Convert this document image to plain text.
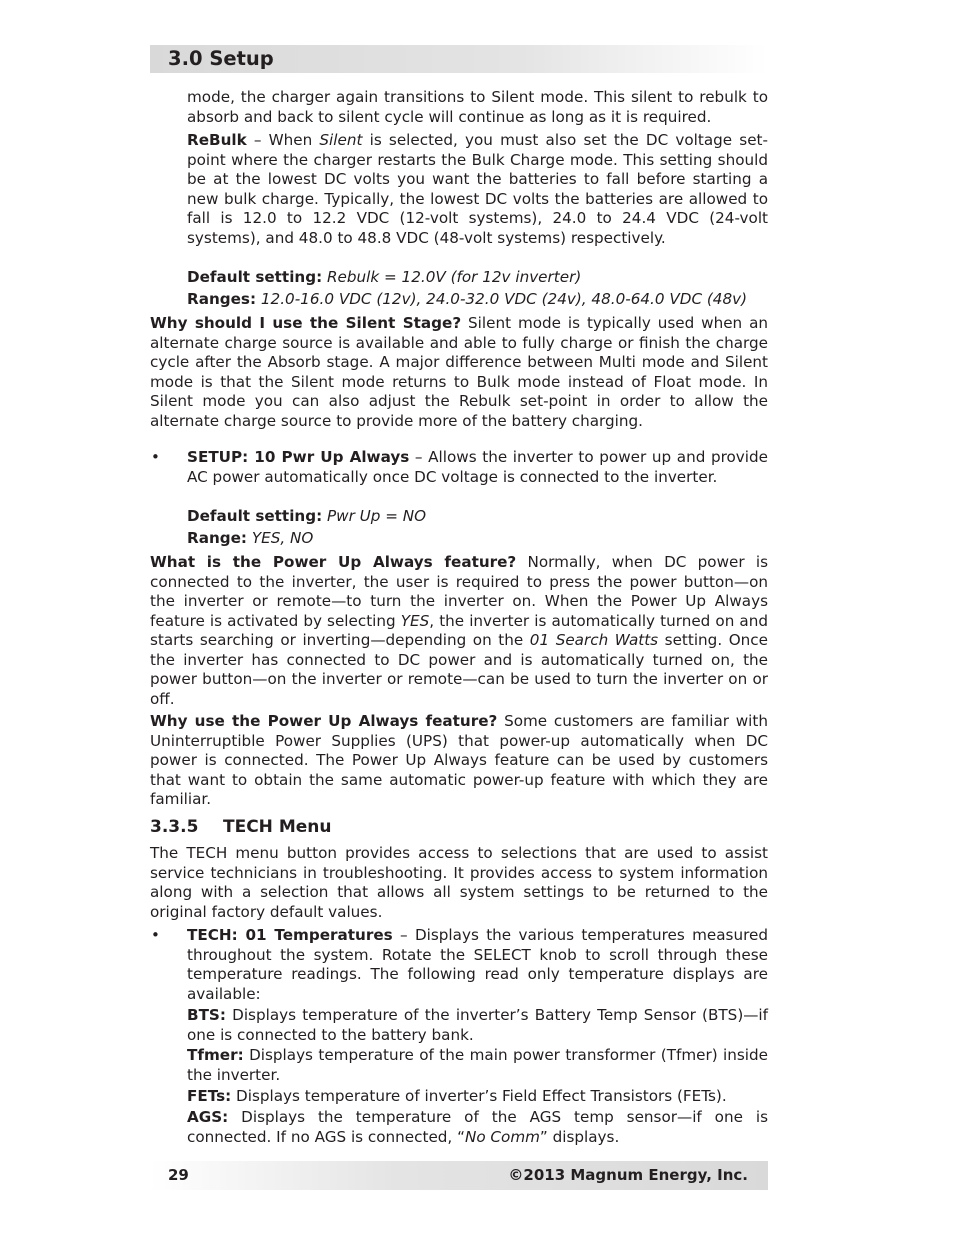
3.0 Setup

mode, the charger again transitions to Silent mode. This silent to rebulk to absorb and back to silent cycle will continue as long as it is required.

ReBulk – When Silent is selected, you must also set the DC voltage set-point where the charger restarts the Bulk Charge mode. This setting should be at the lowest DC volts you want the batteries to fall before starting a new bulk charge. Typically, the lowest DC volts the batteries are allowed to fall is 12.0 to 12.2 VDC (12-volt systems), 24.0 to 24.4 VDC (24-volt systems), and 48.0 to 48.8 VDC (48-volt systems) respectively.

Default setting: Rebulk = 12.0V (for 12v inverter)

Ranges: 12.0-16.0 VDC (12v), 24.0-32.0 VDC (24v), 48.0-64.0 VDC (48v)

Why should I use the Silent Stage? Silent mode is typically used when an alternate charge source is available and able to fully charge or finish the charge cycle after the Absorb stage. A major difference between Multi mode and Silent mode is that the Silent mode returns to Bulk mode instead of Float mode. In Silent mode you can also adjust the Rebulk set-point in order to allow the alternate charge source to provide more of the battery charging.

• SETUP: 10 Pwr Up Always – Allows the inverter to power up and provide AC power automatically once DC voltage is connected to the inverter.

Default setting: Pwr Up = NO

Range: YES, NO

What is the Power Up Always feature? Normally, when DC power is connected to the inverter, the user is required to press the power button—on the inverter or remote—to turn the inverter on. When the Power Up Always feature is activated by selecting YES, the inverter is automatically turned on and starts searching or inverting—depending on the 01 Search Watts setting. Once the inverter has connected to DC power and is automatically turned on, the power button—on the inverter or remote—can be used to turn the inverter on or off.

Why use the Power Up Always feature? Some customers are familiar with Uninterruptible Power Supplies (UPS) that power-up automatically when DC power is connected. The Power Up Always feature can be used by customers that want to obtain the same automatic power-up feature with which they are familiar.

3.3.5 TECH Menu

The TECH menu button provides access to selections that are used to assist service technicians in troubleshooting. It provides access to system information along with a selection that allows all system settings to be returned to the original factory default values.

• TECH: 01 Temperatures – Displays the various temperatures measured throughout the system. Rotate the SELECT knob to scroll through these temperature readings. The following read only temperature displays are available:

BTS: Displays temperature of the inverter’s Battery Temp Sensor (BTS)—if one is connected to the battery bank.

Tfmer: Displays temperature of the main power transformer (Tfmer) inside the inverter.

FETs: Displays temperature of inverter’s Field Effect Transistors (FETs).

AGS: Displays the temperature of the AGS temp sensor—if one is connected. If no AGS is connected, “No Comm” displays.

29	©2013 Magnum Energy, Inc.
